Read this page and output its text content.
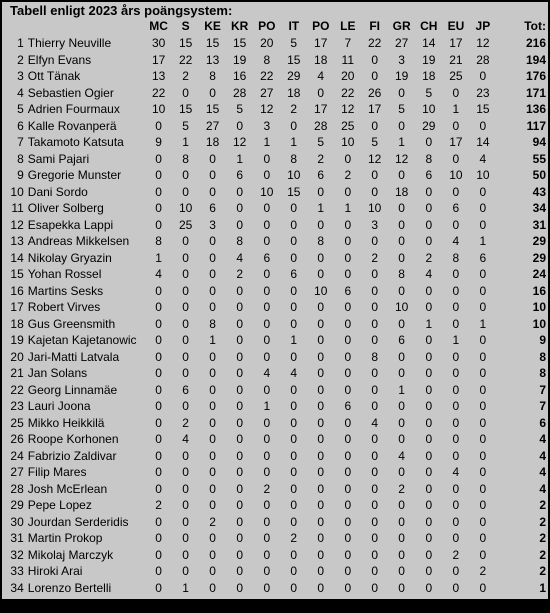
Tabell enligt 2023 års poängsystem:
		MC	S	KE	KR	PO	IT	PO	LE	FI	GR	CH	EU	JP	Tot:
1	Thierry Neuville	30	15	15	15	20	5	17	7	22	27	14	17	12	216
2	Elfyn Evans	17	22	13	19	8	15	18	11	0	3	19	21	28	194
3	Ott Tänak	13	2	8	16	22	29	4	20	0	19	18	25	0	176
4	Sebastien Ogier	22	0	0	28	27	18	0	22	26	0	5	0	23	171
5	Adrien Fourmaux	10	15	15	5	12	2	17	12	17	5	10	1	15	136
6	Kalle Rovanperä	0	5	27	0	3	0	28	25	0	0	29	0	0	117
7	Takamoto Katsuta	9	1	18	12	1	1	5	10	5	1	0	17	14	94
8	Sami Pajari	0	8	0	1	0	8	2	0	12	12	8	0	4	55
9	Gregorie Munster	0	0	0	6	0	10	6	2	0	0	6	10	10	50
10	Dani Sordo	0	0	0	0	10	15	0	0	0	18	0	0	0	43
11	Oliver Solberg	0	10	6	0	0	0	1	1	10	0	0	6	0	34
12	Esapekka Lappi	0	25	3	0	0	0	0	0	3	0	0	0	0	31
13	Andreas Mikkelsen	8	0	0	8	0	0	8	0	0	0	0	4	1	29
14	Nikolay Gryazin	1	0	0	4	6	0	0	0	2	0	2	8	6	29
15	Yohan Rossel	4	0	0	2	0	6	0	0	0	8	4	0	0	24
16	Martins Sesks	0	0	0	0	0	0	10	6	0	0	0	0	0	16
17	Robert Virves	0	0	0	0	0	0	0	0	0	10	0	0	0	10
18	Gus Greensmith	0	0	8	0	0	0	0	0	0	0	1	0	1	10
19	Kajetan Kajetanowic	0	0	1	0	0	1	0	0	0	6	0	1	0	9
20	Jari-Matti Latvala	0	0	0	0	0	0	0	0	8	0	0	0	0	8
21	Jan Solans	0	0	0	0	4	4	0	0	0	0	0	0	0	8
22	Georg Linnamäe	0	6	0	0	0	0	0	0	0	1	0	0	0	7
23	Lauri Joona	0	0	0	0	1	0	0	6	0	0	0	0	0	7
25	Mikko Heikkilä	0	2	0	0	0	0	0	0	4	0	0	0	0	6
26	Roope Korhonen	0	4	0	0	0	0	0	0	0	0	0	0	0	4
24	Fabrizio Zaldivar	0	0	0	0	0	0	0	0	0	4	0	0	0	4
27	Filip Mares	0	0	0	0	0	0	0	0	0	0	0	4	0	4
28	Josh McErlean	0	0	0	0	2	0	0	0	0	2	0	0	0	4
29	Pepe Lopez	2	0	0	0	0	0	0	0	0	0	0	0	0	2
30	Jourdan Serderidis	0	0	2	0	0	0	0	0	0	0	0	0	0	2
31	Martin Prokop	0	0	0	0	0	2	0	0	0	0	0	0	0	2
32	Mikolaj Marczyk	0	0	0	0	0	0	0	0	0	0	0	2	0	2
33	Hiroki Arai	0	0	0	0	0	0	0	0	0	0	0	0	2	2
34	Lorenzo Bertelli	0	1	0	0	0	0	0	0	0	0	0	0	0	1
35	Roberto Dapra	0	0	0	0	0	0	0	0	1	0	0	0	0	1
